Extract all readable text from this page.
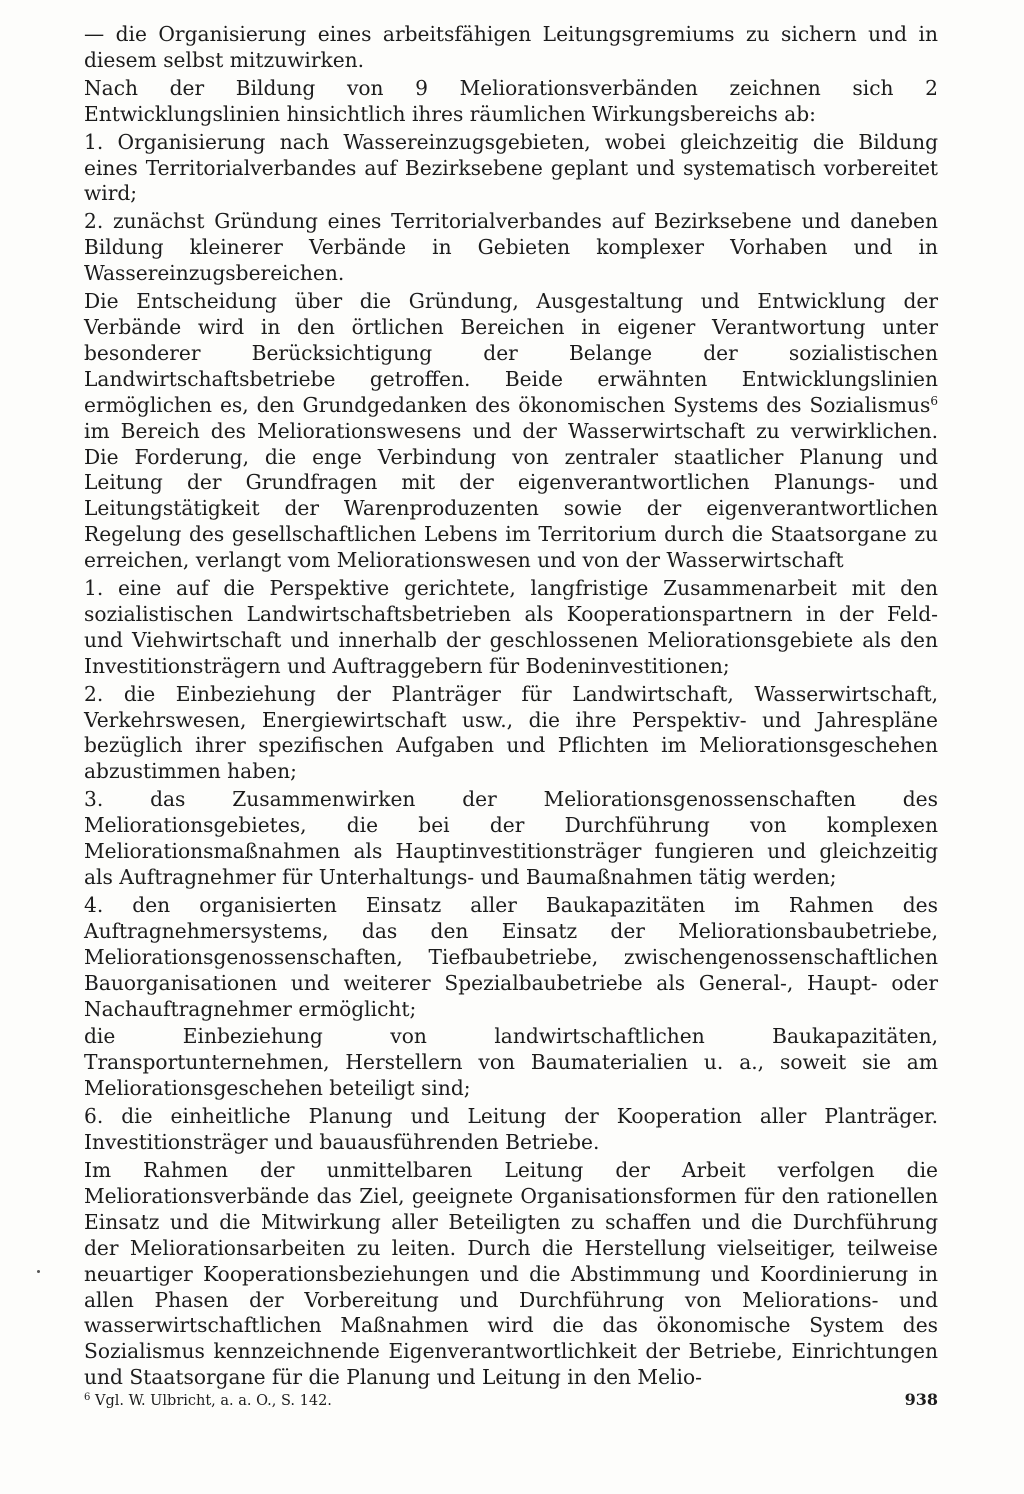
— die Organisierung eines arbeitsfähigen Leitungsgremiums zu sichern und in diesem selbst mitzuwirken.

Nach der Bildung von 9 Meliorationsverbänden zeichnen sich 2 Entwicklungslinien hinsichtlich ihres räumlichen Wirkungsbereichs ab:

1. Organisierung nach Wassereinzugsgebieten, wobei gleichzeitig die Bildung eines Territorialverbandes auf Bezirksebene geplant und systematisch vorbereitet wird;

2. zunächst Gründung eines Territorialverbandes auf Bezirksebene und daneben Bildung kleinerer Verbände in Gebieten komplexer Vorhaben und in Wassereinzugsbereichen.

Die Entscheidung über die Gründung, Ausgestaltung und Entwicklung der Verbände wird in den örtlichen Bereichen in eigener Verantwortung unter besonderer Berücksichtigung der Belange der sozialistischen Landwirtschaftsbetriebe getroffen. Beide erwähnten Entwicklungslinien ermöglichen es, den Grundgedanken des ökonomischen Systems des Sozialismus$^6$ im Bereich des Meliorationswesens und der Wasserwirtschaft zu verwirklichen. Die Forderung, die enge Verbindung von zentraler staatlicher Planung und Leitung der Grundfragen mit der eigenverantwortlichen Planungs- und Leitungstätigkeit der Warenproduzenten sowie der eigenverantwortlichen Regelung des gesellschaftlichen Lebens im Territorium durch die Staatsorgane zu erreichen, verlangt vom Meliorationswesen und von der Wasserwirtschaft

1. eine auf die Perspektive gerichtete, langfristige Zusammenarbeit mit den sozialistischen Landwirtschaftsbetrieben als Kooperationspartnern in der Feld- und Viehwirtschaft und innerhalb der geschlossenen Meliorationsgebiete als den Investitionsträgern und Auftraggebern für Bodeninvestitionen;

2. die Einbeziehung der Planträger für Landwirtschaft, Wasserwirtschaft, Verkehrswesen, Energiewirtschaft usw., die ihre Perspektiv- und Jahrespläne bezüglich ihrer spezifischen Aufgaben und Pflichten im Meliorationsgeschehen abzustimmen haben;

3. das Zusammenwirken der Meliorationsgenossenschaften des Meliorationsgebietes, die bei der Durchführung von komplexen Meliorationsmaßnahmen als Hauptinvestitionsträger fungieren und gleichzeitig als Auftragnehmer für Unterhaltungs- und Baumaßnahmen tätig werden;

4. den organisierten Einsatz aller Baukapazitäten im Rahmen des Auftragnehmersystems, das den Einsatz der Meliorationsbaubetriebe, Meliorationsgenossenschaften, Tiefbaubetriebe, zwischengenossenschaftlichen Bauorganisationen und weiterer Spezialbaubetriebe als General-, Haupt- oder Nachauftragnehmer ermöglicht;

die Einbeziehung von landwirtschaftlichen Baukapazitäten, Transportunternehmen, Herstellern von Baumaterialien u. a., soweit sie am Meliorationsgeschehen beteiligt sind;

6. die einheitliche Planung und Leitung der Kooperation aller Planträger. Investitionsträger und bauausführenden Betriebe.

Im Rahmen der unmittelbaren Leitung der Arbeit verfolgen die Meliorationsverbände das Ziel, geeignete Organisationsformen für den rationellen Einsatz und die Mitwirkung aller Beteiligten zu schaffen und die Durchführung der Meliorationsarbeiten zu leiten. Durch die Herstellung vielseitiger, teilweise neuartiger Kooperationsbeziehungen und die Abstimmung und Koordinierung in allen Phasen der Vorbereitung und Durchführung von Meliorations- und wasserwirtschaftlichen Maßnahmen wird die das ökonomische System des Sozialismus kennzeichnende Eigenverantwortlichkeit der Betriebe, Einrichtungen und Staatsorgane für die Planung und Leitung in den Melio-

$^6$ Vgl. W. Ulbricht, a. a. O., S. 142.	938
